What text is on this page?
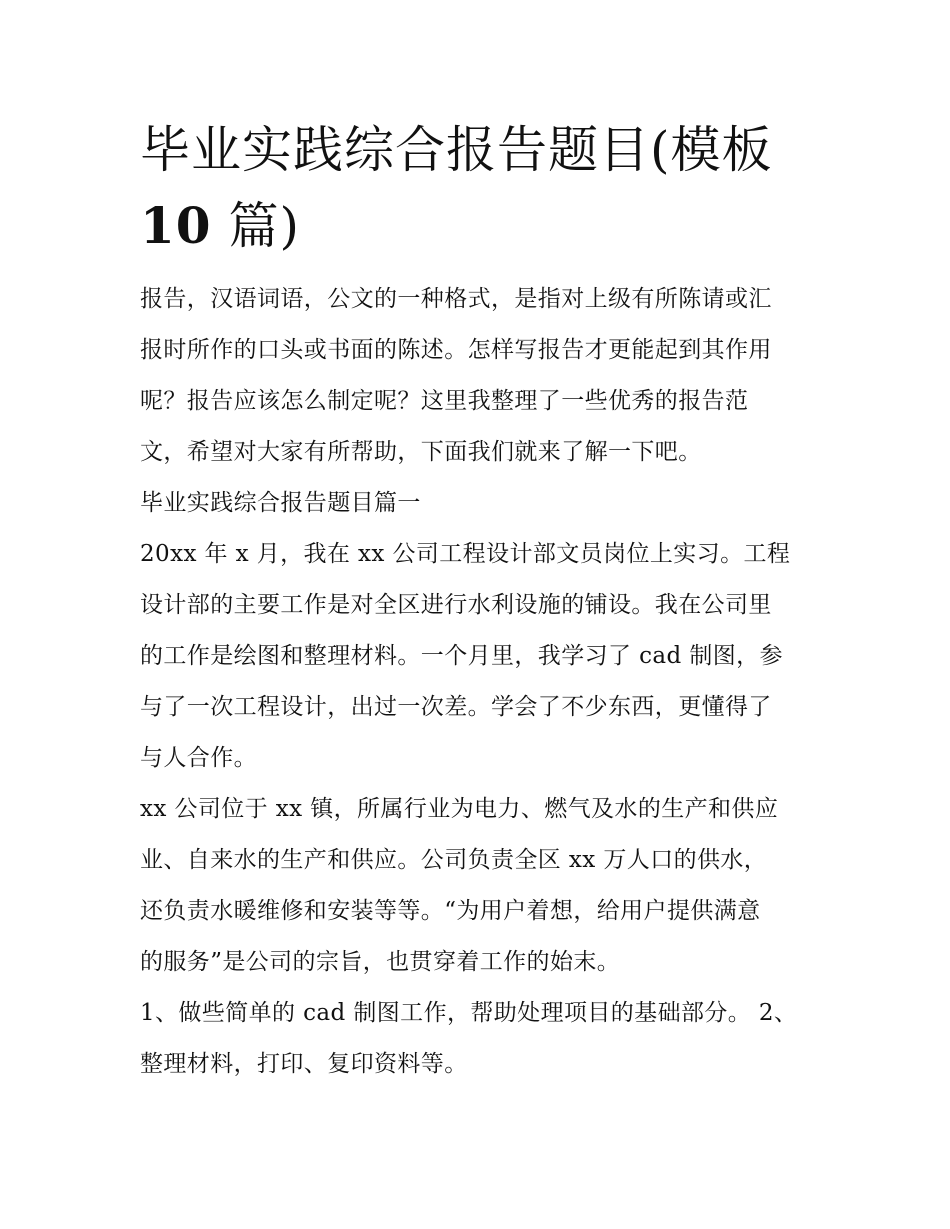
毕业实践综合报告题目(模板
10 篇)

报告，汉语词语，公文的一种格式，是指对上级有所陈请或汇

报时所作的口头或书面的陈述。怎样写报告才更能起到其作用

呢？报告应该怎么制定呢？这里我整理了一些优秀的报告范

文，希望对大家有所帮助，下面我们就来了解一下吧。

毕业实践综合报告题目篇一

20xx 年 x 月，我在 xx 公司工程设计部文员岗位上实习。工程

设计部的主要工作是对全区进行水利设施的铺设。我在公司里

的工作是绘图和整理材料。一个月里，我学习了 cad 制图，参

与了一次工程设计，出过一次差。学会了不少东西，更懂得了

与人合作。

xx 公司位于 xx 镇，所属行业为电力、燃气及水的生产和供应

业、自来水的生产和供应。公司负责全区 xx 万人口的供水，

还负责水暖维修和安装等等。“为用户着想，给用户提供满意

的服务”是公司的宗旨，也贯穿着工作的始末。

1、做些简单的 cad 制图工作，帮助处理项目的基础部分。 2、

整理材料，打印、复印资料等。
